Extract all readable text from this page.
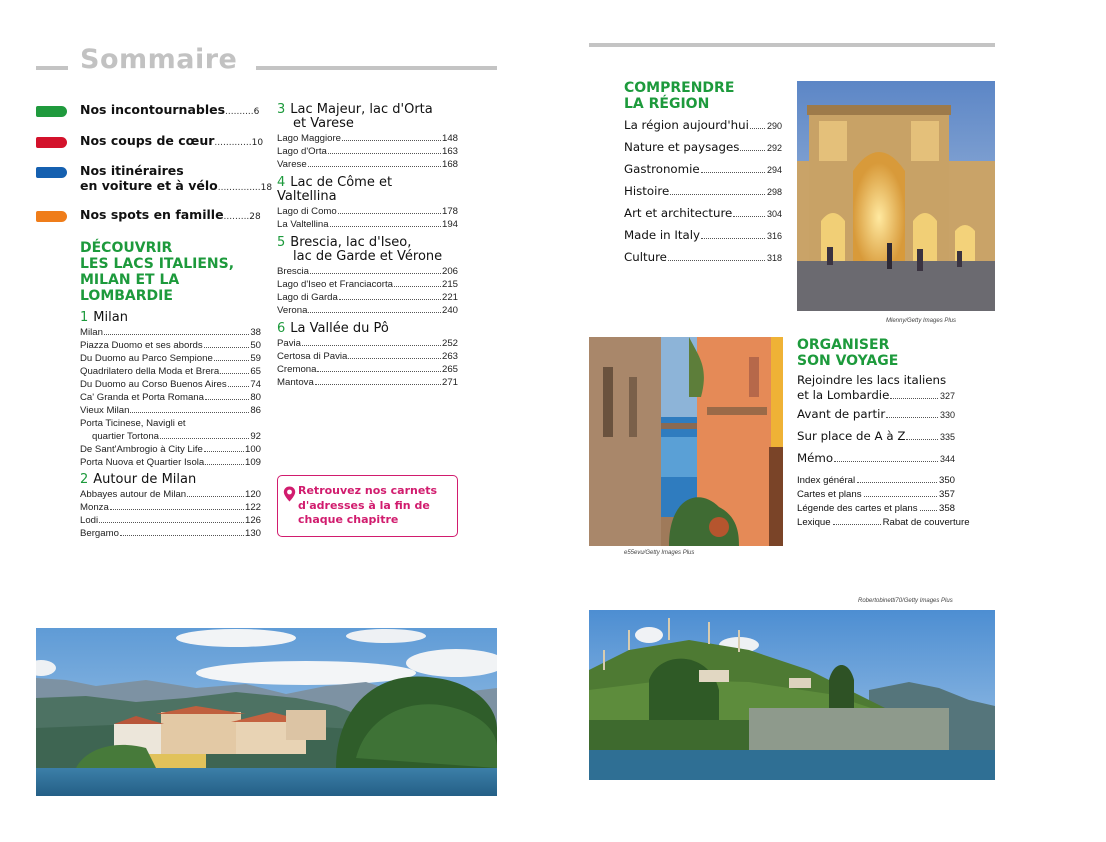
Sommaire
Nos incontournables..........6
Nos coups de cœur.............10
Nos itinéraires
en voiture et à vélo...............18
Nos spots en famille.........28
DÉCOUVRIR
LES LACS ITALIENS,
MILAN ET LA
LOMBARDIE
1 Milan
Milan	38
Piazza Duomo et ses abords	50
Du Duomo au Parco Sempione	59
Quadrilatero della Moda et Brera	65
Du Duomo au Corso Buenos Aires 74
Ca' Granda et Porta Romana	80
Vieux Milan	86
Porta Ticinese, Navigli et
quartier Tortona	92
De Sant'Ambrogio à City Life	100
Porta Nuova et Quartier Isola	109
2 Autour de Milan
Abbayes autour de Milan	120
Monza	122
Lodi	126
Bergamo	130
3 Lac Majeur, lac d'Orta
et Varese
Lago Maggiore	148
Lago d'Orta	163
Varese	168
4 Lac de Côme et
Valtellina
Lago di Como	178
La Valtellina	194
5 Brescia, lac d'Iseo,
lac de Garde et Vérone
Brescia	206
Lago d'Iseo et Franciacorta	215
Lago di Garda	221
Verona	240
6 La Vallée du Pô
Pavia	252
Certosa di Pavia	263
Cremona	265
Mantova	271
Retrouvez nos carnets d'adresses à la fin de chaque chapitre
COMPRENDRE
LA RÉGION
La région aujourd'hui 290
Nature et paysages	292
Gastronomie	294
Histoire	298
Art et architecture	304
Made in Italy	316
Culture	318
Mlenny/Getty Images Plus
e55evu/Getty Images Plus
ORGANISER
SON VOYAGE
Rejoindre les lacs italiens
et la Lombardie	327
Avant de partir	330
Sur place de A à Z	335
Mémo	344
Index général	350
Cartes et plans	357
Légende des cartes et plans 358
Lexique	Rabat de couverture
Robertobinetti70/Getty Images Plus
